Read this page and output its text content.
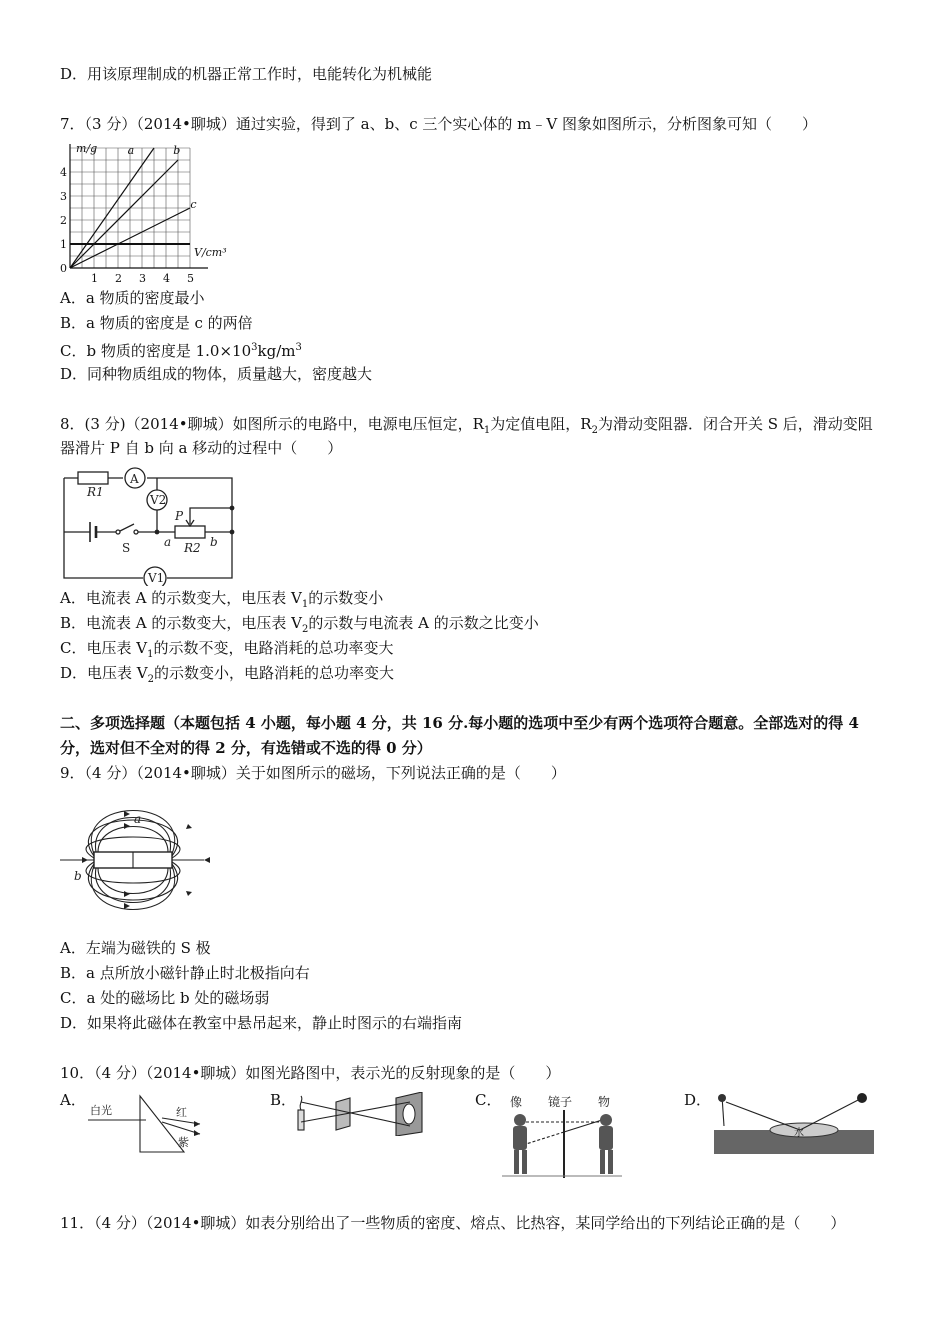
D．用该原理制成的机器正常工作时，电能转化为机械能
7．（3 分）（2014•聊城）通过实验，得到了 a、b、c 三个实心体的 m﹣V 图象如图所示，分析图象可知（　　）
1 2 3 4 5
1
2
3
4
0
m/g
V/cm³
a	b
c
A．a 物质的密度最小
B．a 物质的密度是 c 的两倍
C．b 物质的密度是 $1.0\times 10^3kg/m^3$
D．同种物质组成的物体，质量越大，密度越大
8．(3 分)（2014•聊城）如图所示的电路中，电源电压恒定，$R_1$为定值电阻，$R_2$为滑动变阻器．闭合开关 S 后，滑动变阻
器滑片 P 自 b 向 a 移动的过程中（　　）
A
R1
V2
P
S	a R2 b
V1
A．电流表 A 的示数变大，电压表 $V_1$的示数变小
B．电流表 A 的示数变大，电压表 $V_2$的示数与电流表 A 的示数之比变小
C．电压表 $V_1$的示数不变，电路消耗的总功率变大
D．电压表 $V_2$的示数变小，电路消耗的总功率变大
二、多项选择题（本题包括 4 小题，每小题 4 分，共 16 分.每小题的选项中至少有两个选项符合题意。全部选对的得 4
分，选对但不全对的得 2 分，有选错或不选的得 0 分）
9．（4 分）（2014•聊城）关于如图所示的磁场，下列说法正确的是（　　）
a
b
A．左端为磁铁的 S 极
B．a 点所放小磁针静止时北极指向右
C．a 处的磁场比 b 处的磁场弱
D．如果将此磁体在教室中悬吊起来，静止时图示的右端指南
10．（4 分）（2014•聊城）如图光路图中，表示光的反射现象的是（　　）
A．
白光	红
紫
B．	C． 像 镜子 物	D．
水
11．（4 分）（2014•聊城）如表分别给出了一些物质的密度、熔点、比热容，某同学给出的下列结论正确的是（　　）
